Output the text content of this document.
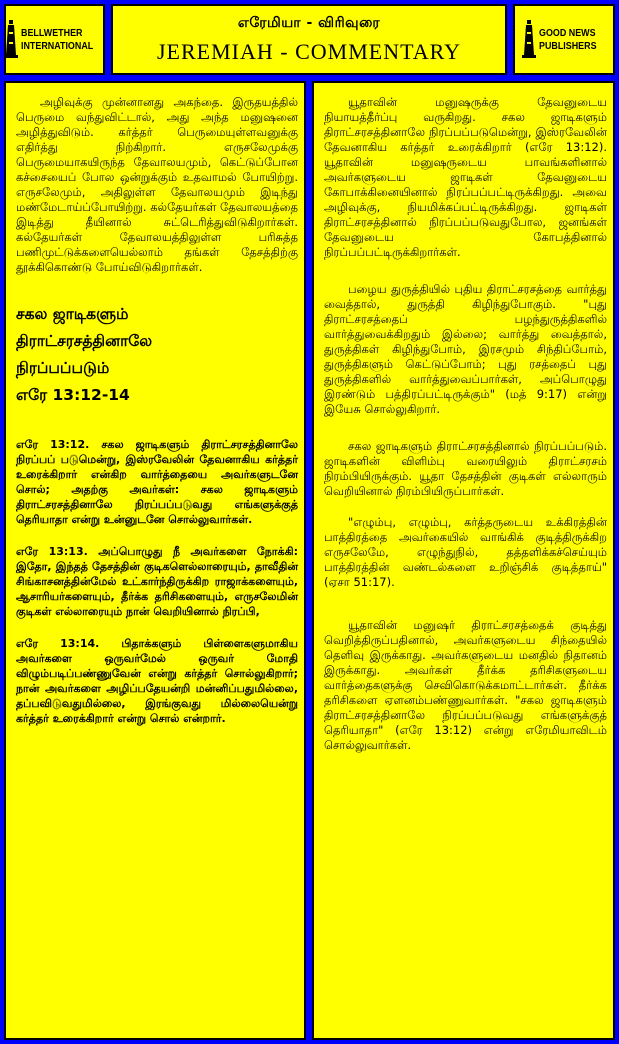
BELLWETHER
INTERNATIONAL
எரேமியா - விரிவுரை
JEREMIAH - COMMENTARY
GOOD NEWS
PUBLISHERS

அழிவுக்கு முன்னானது அகந்தை. இருதயத்தில் பெருமை வந்துவிட்டால், அது அந்த மனுஷனை அழித்துவிடும். கர்த்தர் பெருமையுள்ளவனுக்கு எதிர்த்து நிற்கிறார். எருசலேமுக்கு பெருமையாகயிருந்த தேவாலயமும், கெட்டுப்போன கச்சையைப் போல ஒன்றுக்கும் உதவாமல் போயிற்று. எருசலேமும், அதிலுள்ள தேவாலயமும் இடிந்து மண்மேடாய்ப்போயிற்று. கல்தேயர்கள் தேவாலயத்தை இடித்து தீயினால் சுட்டெரித்துவிடுகிறார்கள். கல்தேயர்கள் தேவாலயத்திலுள்ள பரிசுத்த பணிமுட்டுக்களையெல்லாம் தங்கள் தேசத்திற்கு தூக்கிகொண்டு போய்விடுகிறார்கள்.

சகல ஜாடிகளும்
திராட்சரசத்தினாலே
நிரப்பப்படும்
எரே 13:12-14

எரே 13:12. சகல ஜாடிகளும் திராட்சரசத்தினாலே நிரப்பப் படுமென்று, இஸ்ரவேலின் தேவனாகிய கர்த்தர் உரைக்கிறார் என்கிற வார்த்தையை அவர்களுடனே சொல்; அதற்கு அவர்கள்: சகல ஜாடிகளும் திராட்சரசத்தினாலே நிரப்பப்படுவது எங்களுக்குத் தெரியாதா என்று உன்னுடனே சொல்லுவார்கள்.

எரே 13:13. அப்பொழுது நீ அவர்களை நோக்கி: இதோ, இந்தத் தேசத்தின் குடிகளெல்லாரையும், தாவீதின் சிங்காசனத்தின்மேல் உட்கார்ந்திருக்கிற ராஜாக்களையும், ஆசாரியர்களையும், தீர்க்க தரிசிகளையும், எருசலேமின் குடிகள் எல்லாரையும் நான் வெறியினால் நிரப்பி,

எரே 13:14. பிதாக்களும் பிள்ளைகளுமாகிய அவர்களை ஒருவர்மேல் ஒருவர் மோதி விழும்படிப்பண்ணுவேன் என்று கர்த்தர் சொல்லுகிறார்; நான் அவர்களை அழிப்பதேயன்றி மன்னிப்பதுமில்லை, தப்பவிடுவதுமில்லை, இரங்குவது மில்லையென்று கர்த்தர் உரைக்கிறார் என்று சொல் என்றார்.

யூதாவின் மனுஷருக்கு தேவனுடைய நியாயத்தீர்ப்பு வருகிறது. சகல ஜாடிகளும் திராட்சரசத்தினாலே நிரப்பப்படுமென்று, இஸ்ரவேலின் தேவனாகிய கர்த்தர் உரைக்கிறார் (எரே 13:12). யூதாவின் மனுஷருடைய பாவங்களினால் அவர்களுடைய ஜாடிகள் தேவனுடைய கோபாக்கினையினால் நிரப்பப்பட்டிருக்கிறது. அவை அழிவுக்கு, நியமிக்கப்பட்டிருக்கிறது. ஜாடிகள் திராட்சரசத்தினால் நிரப்பப்படுவதுபோல, ஜனங்கள் தேவனுடைய கோபத்தினால் நிரப்பப்பட்டிருக்கிறார்கள்.

பழைய துருத்தியில் புதிய திராட்சரசத்தை வார்த்து வைத்தால், துருத்தி கிழிந்துபோகும். "புது திராட்சரசத்தைப் பழந்துருத்திகளில் வார்த்துவைக்கிறதும் இல்லை; வார்த்து வைத்தால், துருத்திகள் கிழிந்துபோம், இரசமும் சிந்திப்போம், துருத்திகளும் கெட்டுப்போம்; புது ரசத்தைப் புது துருத்திகளில் வார்த்துவைப்பார்கள், அப்பொழுது இரண்டும் பத்திரப்பட்டிருக்கும்" (மத் 9:17) என்று இயேசு சொல்லுகிறார்.

சகல ஜாடிகளும் திராட்சரசத்தினால் நிரப்பப்படும். ஜாடிகளின் விளிம்பு வரையிலும் திராட்சரசம் நிரம்பியிருக்கும். யூதா தேசத்தின் குடிகள் எல்லாரும் வெறியினால் நிரம்பியிருப்பார்கள்.

"எழும்பு, எழும்பு, கர்த்தருடைய உக்கிரத்தின் பாத்திரத்தை அவர்கையில் வாங்கிக் குடித்திருக்கிற எருசலேமே, எழுந்துநில், தத்தளிக்கச்செய்யும் பாத்திரத்தின் வண்டல்களை உறிஞ்சிக் குடித்தாய்" (ஏசா 51:17).

யூதாவின் மனுஷர் திராட்சரசத்தைக் குடித்து வெறித்திருப்பதினால், அவர்களுடைய சிந்தையில் தெளிவு இருக்காது. அவர்களுடைய மனதில் நிதானம் இருக்காது. அவர்கள் தீர்க்க தரிசிகளுடைய வார்த்தைகளுக்கு செவிகொடுக்கமாட்டார்கள். தீர்க்க தரிசிகளை ஏளனம்பண்ணுவார்கள். "சகல ஜாடிகளும் திராட்சரசத்தினாலே நிரப்பப்படுவது எங்களுக்குத் தெரியாதா" (எரே 13:12) என்று எரேமியாவிடம் சொல்லுவார்கள்.
